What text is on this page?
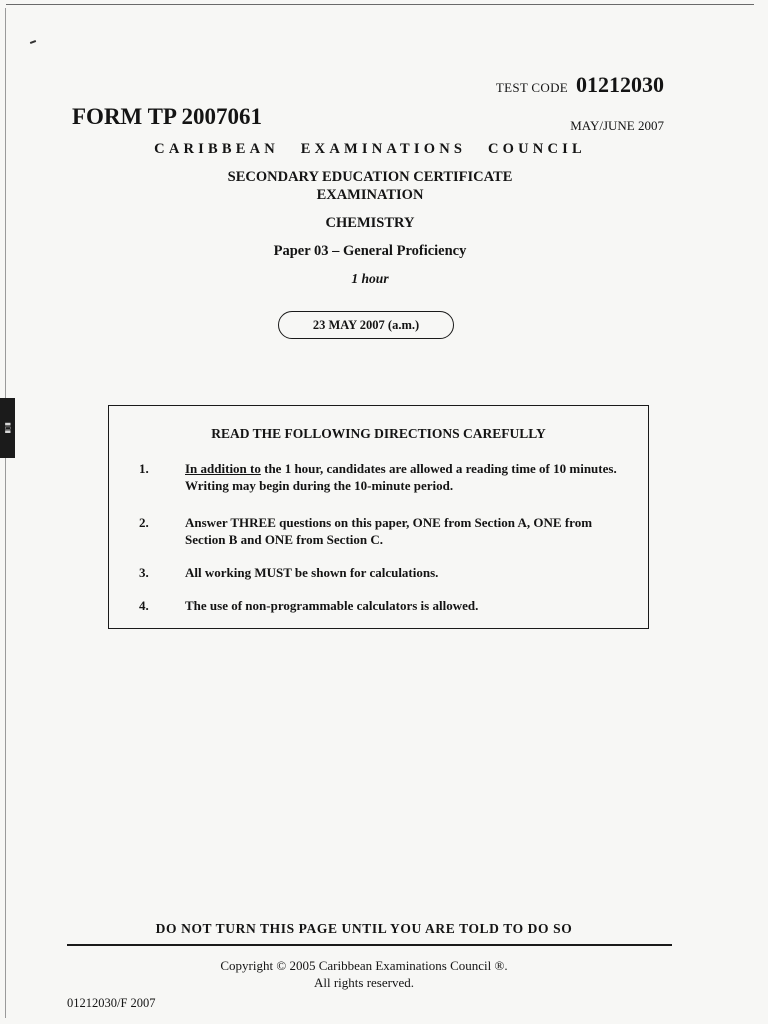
▮▯▮
TEST CODE 01212030
FORM TP 2007061	MAY/JUNE 2007
CARIBBEAN EXAMINATIONS COUNCIL
SECONDARY EDUCATION CERTIFICATE
EXAMINATION
CHEMISTRY
Paper 03 – General Proficiency
1 hour
23 MAY 2007 (a.m.)
READ THE FOLLOWING DIRECTIONS CAREFULLY
1.	In addition to the 1 hour, candidates are allowed a reading time of 10 minutes. Writing may begin during the 10-minute period.
2.	Answer THREE questions on this paper, ONE from Section A, ONE from Section B and ONE from Section C.
3.	All working MUST be shown for calculations.
4.	The use of non-programmable calculators is allowed.
DO NOT TURN THIS PAGE UNTIL YOU ARE TOLD TO DO SO
Copyright © 2005 Caribbean Examinations Council ®.
All rights reserved.
01212030/F 2007
